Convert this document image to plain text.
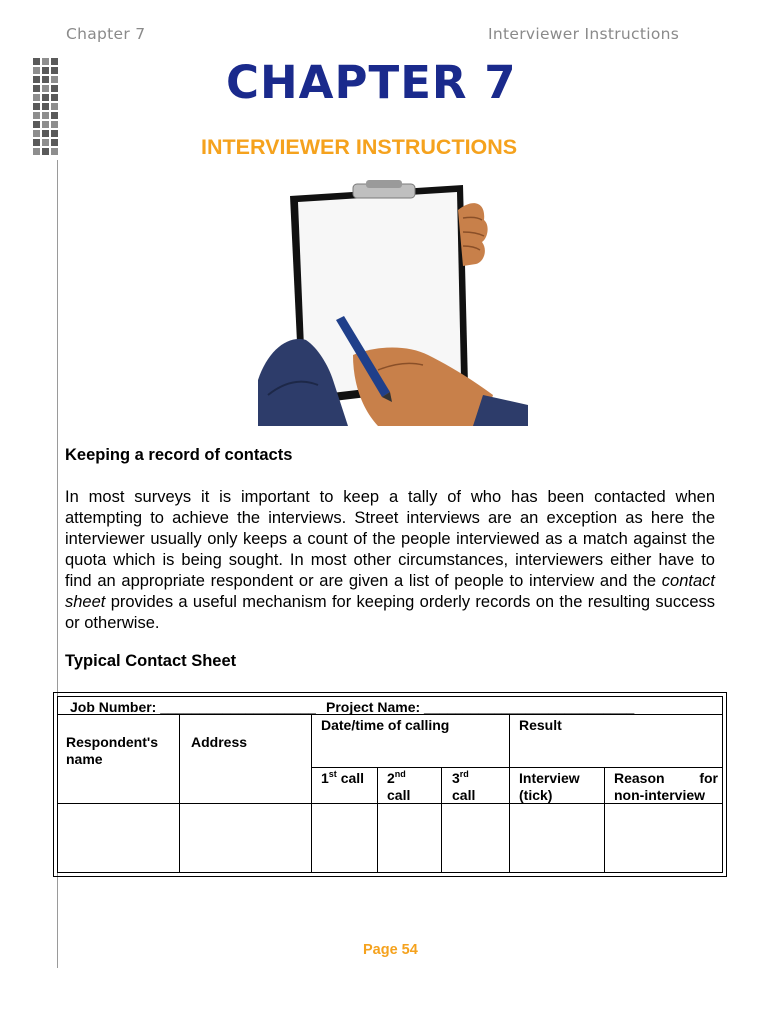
Chapter 7	Interviewer Instructions
CHAPTER 7
INTERVIEWER INSTRUCTIONS
Keeping a record of contacts
In most surveys it is important to keep a tally of who has been contacted when attempting to achieve the interviews. Street interviews are an exception as here the interviewer usually only keeps a count of the people interviewed as a match against the quota which is being sought. In most other circumstances, interviewers either have to find an appropriate respondent or are given a list of people to interview and the contact sheet provides a useful mechanism for keeping orderly records on the resulting success or otherwise.
Typical Contact Sheet
Job Number: ____________________ Project Name: ___________________________
Date/time of calling	Result
Respondent's name
Address
1st call 2nd
call
3rd
call
Interview (tick)
Reason for
non-interview
Page 54
